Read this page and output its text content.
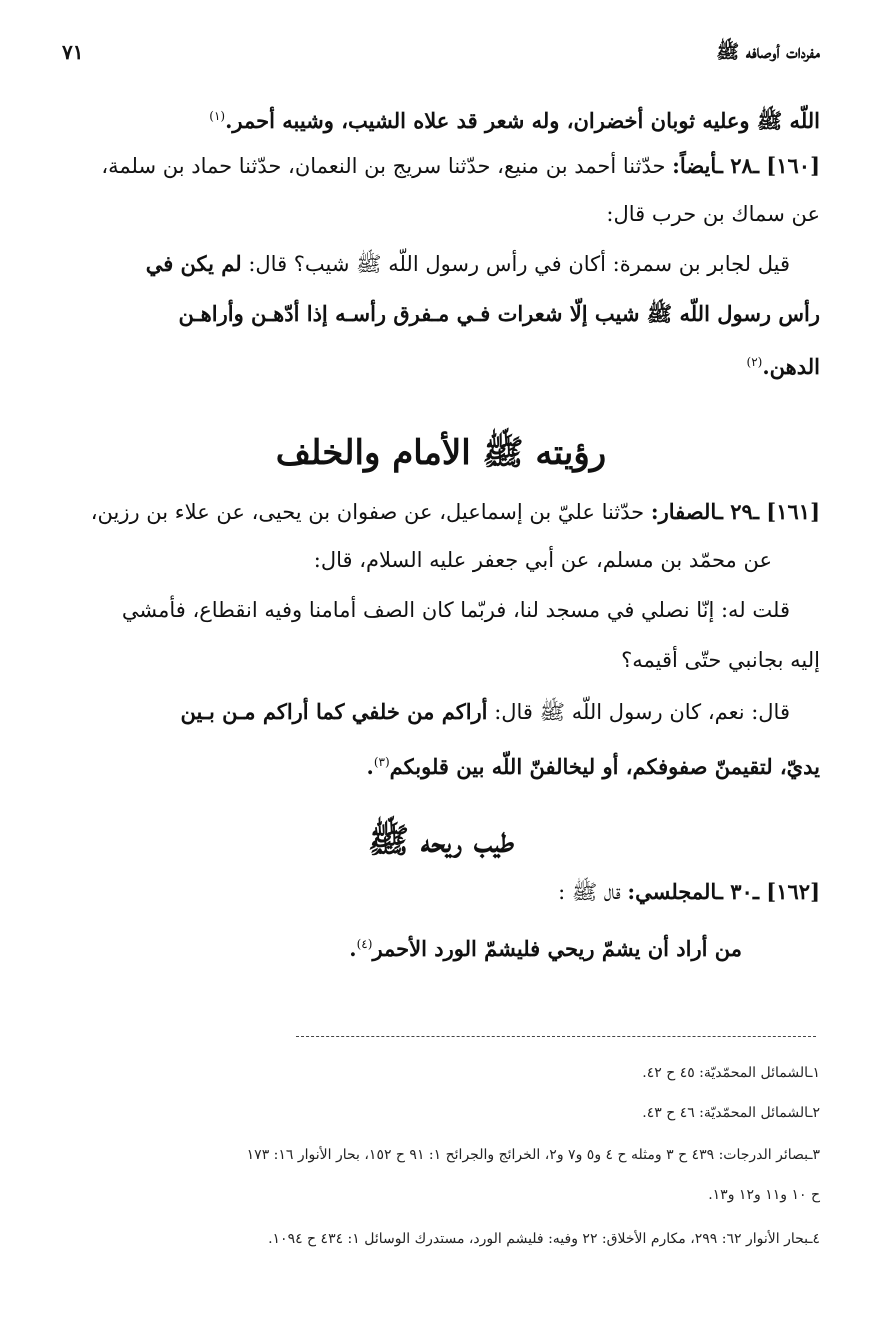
مفردات أوصافه ﷺ
٧١
اللّه ﷺ وعليه ثوبان أخضران، وله شعر قد علاه الشيب، وشيبه أحمر.$^{(١)}$
[١٦٠] ـ٢٨ ـأيضاً: حدّثنا أحمد بن منيع، حدّثنا سريج بن النعمان، حدّثنا حماد بن سلمة،
عن سماك بن حرب قال:
قيل لجابر بن سمرة: أكان في رأس رسول اللّه ﷺ شيب؟ قال: لم يكن في
رأس رسول اللّه ﷺ شيب إلّا شعرات فـي مـفرق رأسـه إذا أدّهـن وأراهـن
الدهن.$^{(٢)}$
رؤيته ﷺ الأمام والخلف
[١٦١] ـ٢٩ ـالصفار: حدّثنا عليّ بن إسماعيل، عن صفوان بن يحيى، عن علاء بن رزين،
عن محمّد بن مسلم، عن أبي جعفر عليه السلام، قال:
قلت له: إنّا نصلي في مسجد لنا، فربّما كان الصف أمامنا وفيه انقطاع، فأمشي
إليه بجانبي حتّى أقيمه؟
قال: نعم، كان رسول اللّه ﷺ قال: أراكم من خلفي كما أراكم مـن بـين
يديّ، لتقيمنّ صفوفكم، أو ليخالفنّ اللّه بين قلوبكم$^{(٣)}$.
طيب ريحه ﷺ
[١٦٢] ـ٣٠ ـالمجلسي: قال ﷺ :
من أراد أن يشمّ ريحي فليشمّ الورد الأحمر$^{(٤)}$.
١ـالشمائل المحمّديّة: ٤٥ ح ٤٢.
٢ـالشمائل المحمّديّة: ٤٦ ح ٤٣.
٣ـبصائر الدرجات: ٤٣٩ ح ٣ ومثله ح ٤ و٥ و٧ و٢، الخرائج والجرائح ١: ٩١ ح ١٥٢، بحار الأنوار ١٦: ١٧٣
ح ١٠ و١١ و١٢ و١٣.
٤ـبحار الأنوار ٦٢: ٢٩٩، مكارم الأخلاق: ٢٢ وفيه: فليشم الورد، مستدرك الوسائل ١: ٤٣٤ ح ١٠٩٤.
